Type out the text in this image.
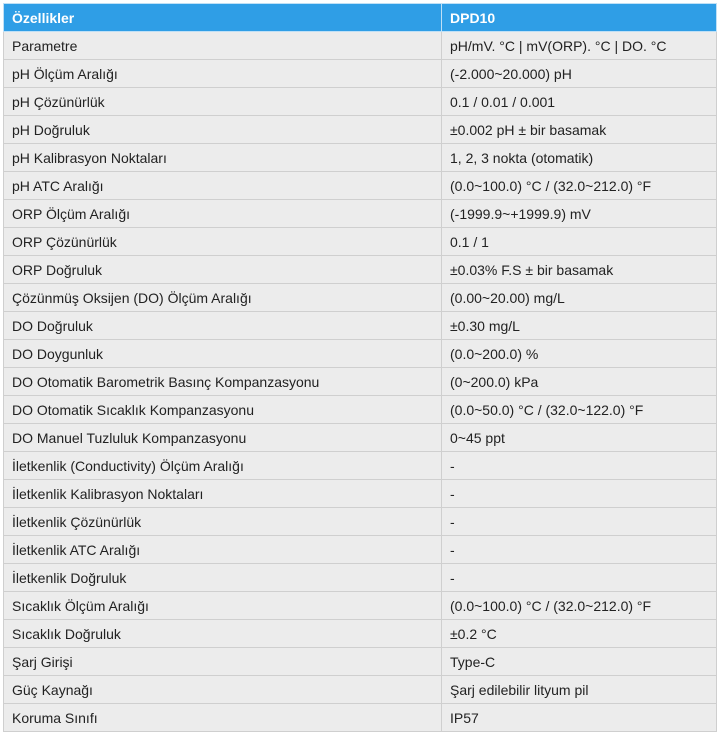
Özellikler	DPD10
Parametre	pH/mV. °C | mV(ORP). °C | DO. °C
pH Ölçüm Aralığı	(-2.000~20.000) pH
pH Çözünürlük	0.1 / 0.01 / 0.001
pH Doğruluk	±0.002 pH ± bir basamak
pH Kalibrasyon Noktaları	1, 2, 3 nokta (otomatik)
pH ATC Aralığı	(0.0~100.0) °C / (32.0~212.0) °F
ORP Ölçüm Aralığı	(-1999.9~+1999.9) mV
ORP Çözünürlük	0.1 / 1
ORP Doğruluk	±0.03% F.S ± bir basamak
Çözünmüş Oksijen (DO) Ölçüm Aralığı	(0.00~20.00) mg/L
DO Doğruluk	±0.30 mg/L
DO Doygunluk	(0.0~200.0) %
DO Otomatik Barometrik Basınç Kompanzasyonu	(0~200.0) kPa
DO Otomatik Sıcaklık Kompanzasyonu	(0.0~50.0) °C / (32.0~122.0) °F
DO Manuel Tuzluluk Kompanzasyonu	0~45 ppt
İletkenlik (Conductivity) Ölçüm Aralığı	-
İletkenlik Kalibrasyon Noktaları	-
İletkenlik Çözünürlük	-
İletkenlik ATC Aralığı	-
İletkenlik Doğruluk	-
Sıcaklık Ölçüm Aralığı	(0.0~100.0) °C / (32.0~212.0) °F
Sıcaklık Doğruluk	±0.2 °C
Şarj Girişi	Type-C
Güç Kaynağı	Şarj edilebilir lityum pil
Koruma Sınıfı	IP57
